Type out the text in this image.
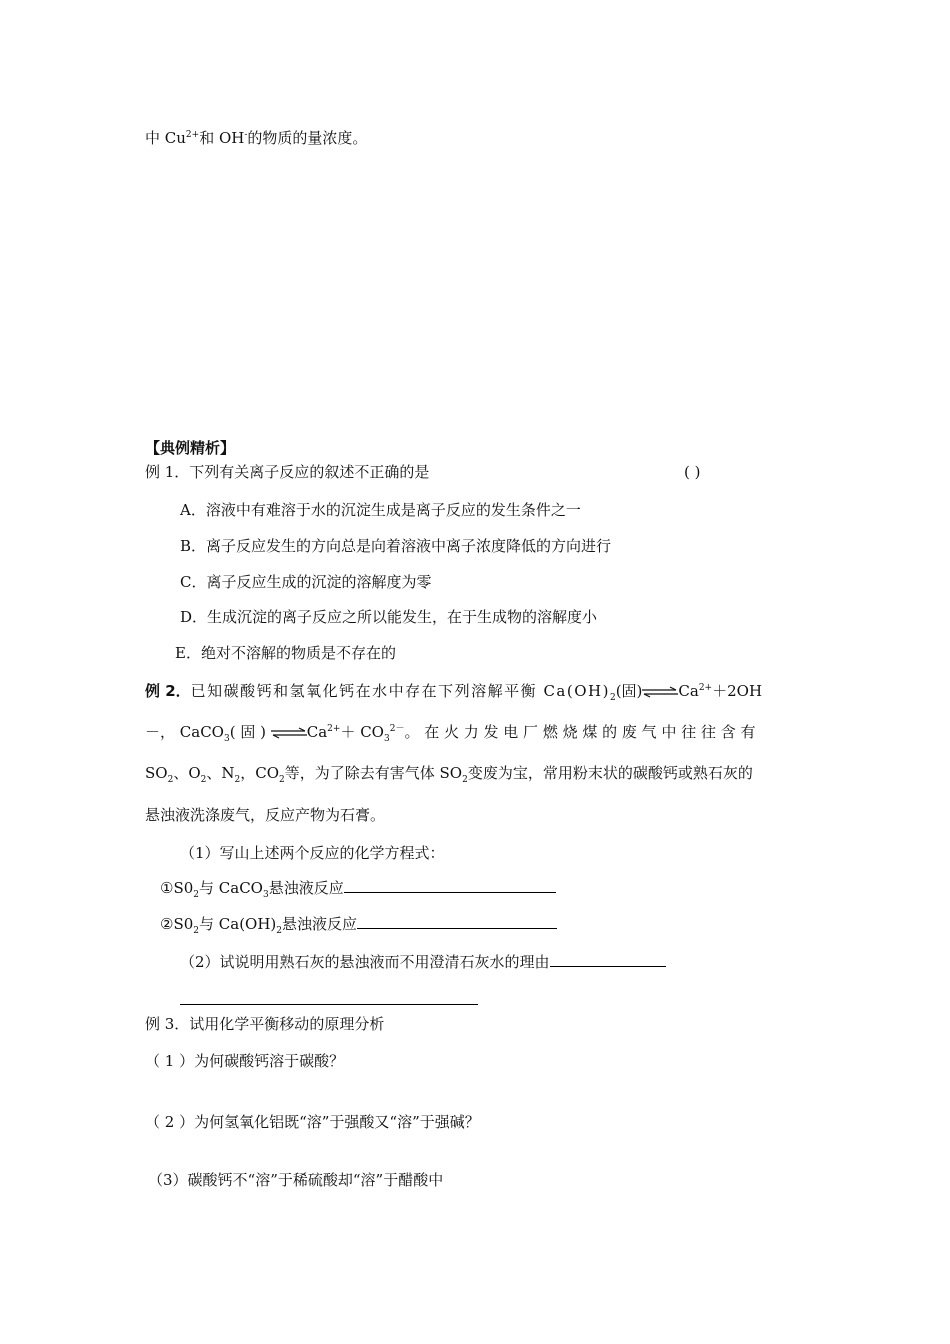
中 $Cu^{2+}$和 OH-的物质的量浓度。
【典例精析】
例 1．下列有关离子反应的叙述不正确的是	( )
A．溶液中有难溶于水的沉淀生成是离子反应的发生条件之一
B．离子反应发生的方向总是向着溶液中离子浓度降低的方向进行
C．离子反应生成的沉淀的溶解度为零
D．生成沉淀的离子反应之所以能发生，在于生成物的溶解度小
E．绝对不溶解的物质是不存在的
例 2．已知碳酸钙和氢氧化钙在水中存在下列溶解平衡 $Ca(OH)_2$(固)$\rightleftharpoons Ca^{2+}+2OH$
－， CaCO$_3$( 固 ) $\rightleftharpoons Ca^{2+}+ CO_3^{2-}$。 在 火 力 发 电 厂 燃 烧 煤 的 废 气 中 往 往 含 有
$SO_2$、$O_2$、$N_2$，$CO_2$等，为了除去有害气体 $SO_2$变废为宝，常用粉末状的碳酸钙或熟石灰的
悬浊液洗涤废气，反应产物为石膏。
（1）写山上述两个反应的化学方程式：
$①S0_2$与 CaCO$_3$悬浊液反应
$②S0_2$与 $Ca(OH)_2$悬浊液反应
（2）试说明用熟石灰的悬浊液而不用澄清石灰水的理由
例 3．试用化学平衡移动的原理分析
（ 1 ）为何碳酸钙溶于碳酸？
（ 2 ）为何氢氧化铝既“溶”于强酸又“溶”于强碱？
（3）碳酸钙不“溶”于稀硫酸却“溶”于醋酸中
